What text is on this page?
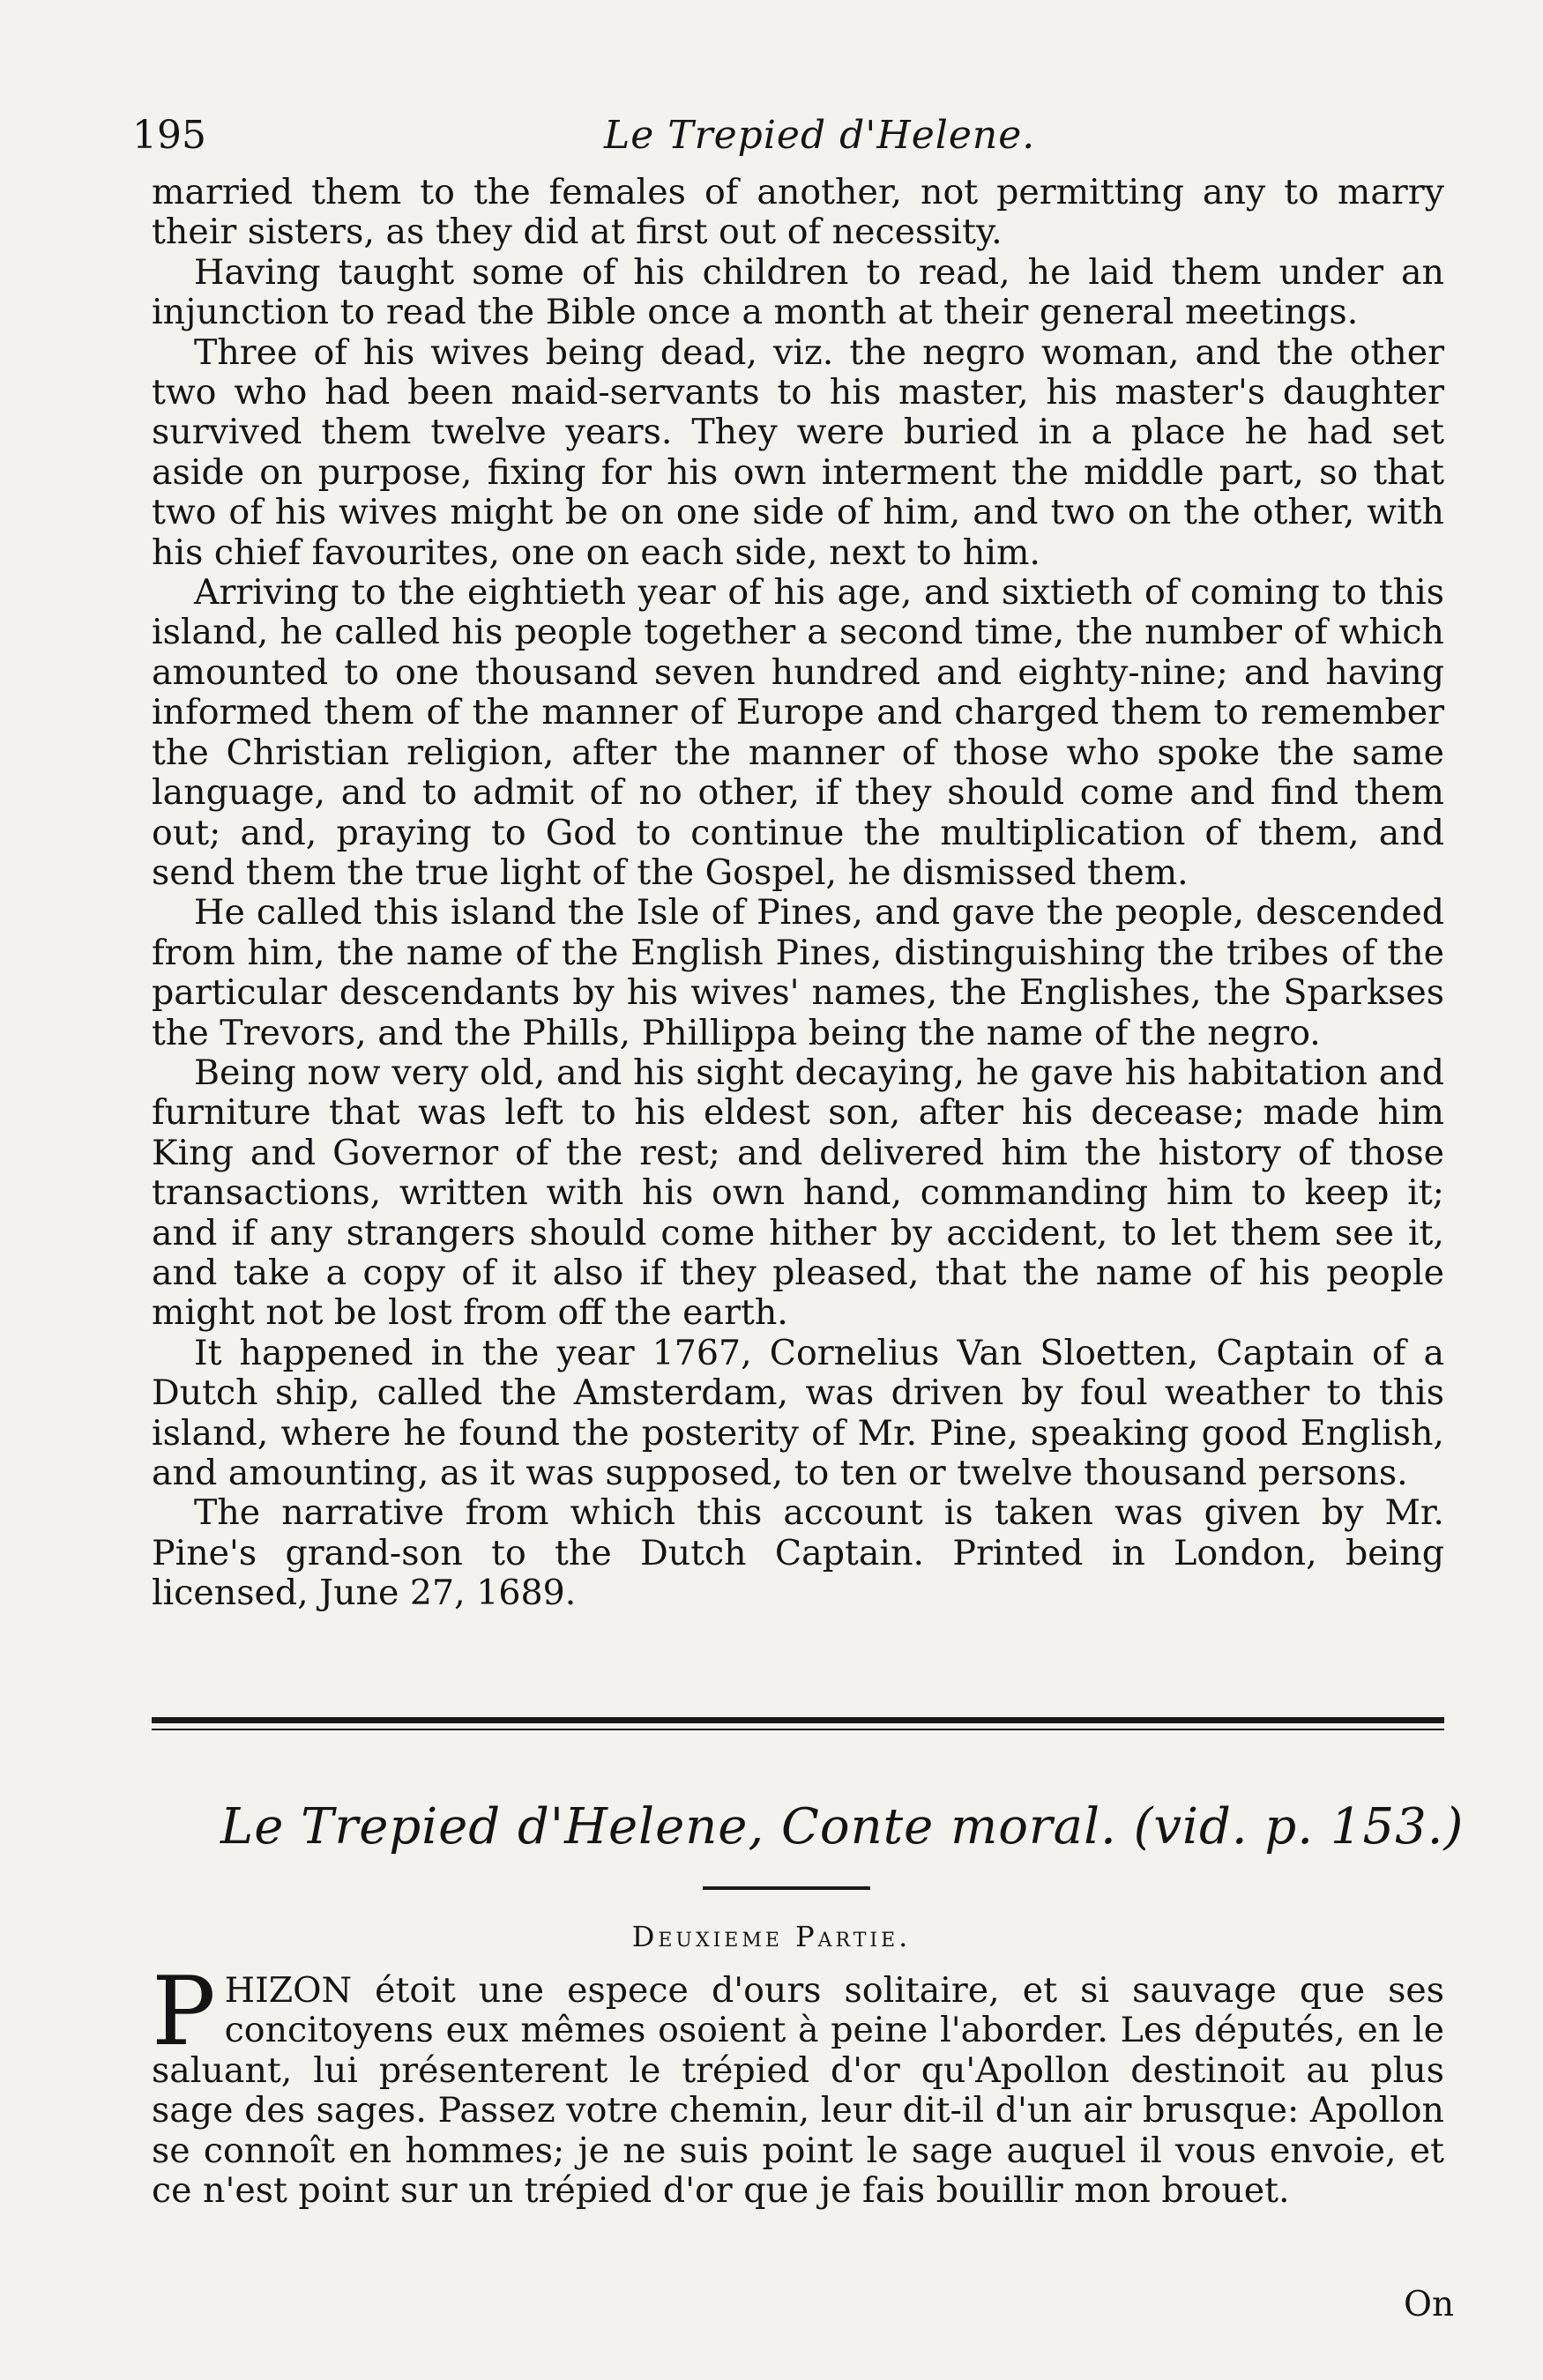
195	Le Trepied d'Helene.

married them to the females of another, not permitting any to marry their sisters, as they did at first out of necessity.

Having taught some of his children to read, he laid them under an injunction to read the Bible once a month at their general meetings.

Three of his wives being dead, viz. the negro woman, and the other two who had been maid-servants to his master, his master's daughter survived them twelve years. They were buried in a place he had set aside on purpose, fixing for his own interment the middle part, so that two of his wives might be on one side of him, and two on the other, with his chief favourites, one on each side, next to him.

Arriving to the eightieth year of his age, and sixtieth of coming to this island, he called his people together a second time, the number of which amounted to one thousand seven hundred and eighty-nine; and having informed them of the manner of Europe and charged them to remember the Christian religion, after the manner of those who spoke the same language, and to admit of no other, if they should come and find them out; and, praying to God to continue the multiplication of them, and send them the true light of the Gospel, he dismissed them.

He called this island the Isle of Pines, and gave the people, descended from him, the name of the English Pines, distinguishing the tribes of the particular descendants by his wives' names, the Englishes, the Sparkses the Trevors, and the Phills, Phillippa being the name of the negro.

Being now very old, and his sight decaying, he gave his habitation and furniture that was left to his eldest son, after his decease; made him King and Governor of the rest; and delivered him the history of those transactions, written with his own hand, commanding him to keep it; and if any strangers should come hither by accident, to let them see it, and take a copy of it also if they pleased, that the name of his people might not be lost from off the earth.

It happened in the year 1767, Cornelius Van Sloetten, Captain of a Dutch ship, called the Amsterdam, was driven by foul weather to this island, where he found the posterity of Mr. Pine, speaking good English, and amounting, as it was supposed, to ten or twelve thousand persons.

The narrative from which this account is taken was given by Mr. Pine's grand-son to the Dutch Captain. Printed in London, being licensed, June 27, 1689.

Le Trepied d'Helene, Conte moral. (vid. p. 153.)
Deuxieme Partie.

PHIZON étoit une espece d'ours solitaire, et si sauvage que ses concitoyens eux mêmes osoient à peine l'aborder. Les députés, en le saluant, lui présenterent le trépied d'or qu'Apollon destinoit au plus sage des sages. Passez votre chemin, leur dit-il d'un air brusque: Apollon se connoît en hommes; je ne suis point le sage auquel il vous envoie, et ce n'est point sur un trépied d'or que je fais bouillir mon brouet.

On
